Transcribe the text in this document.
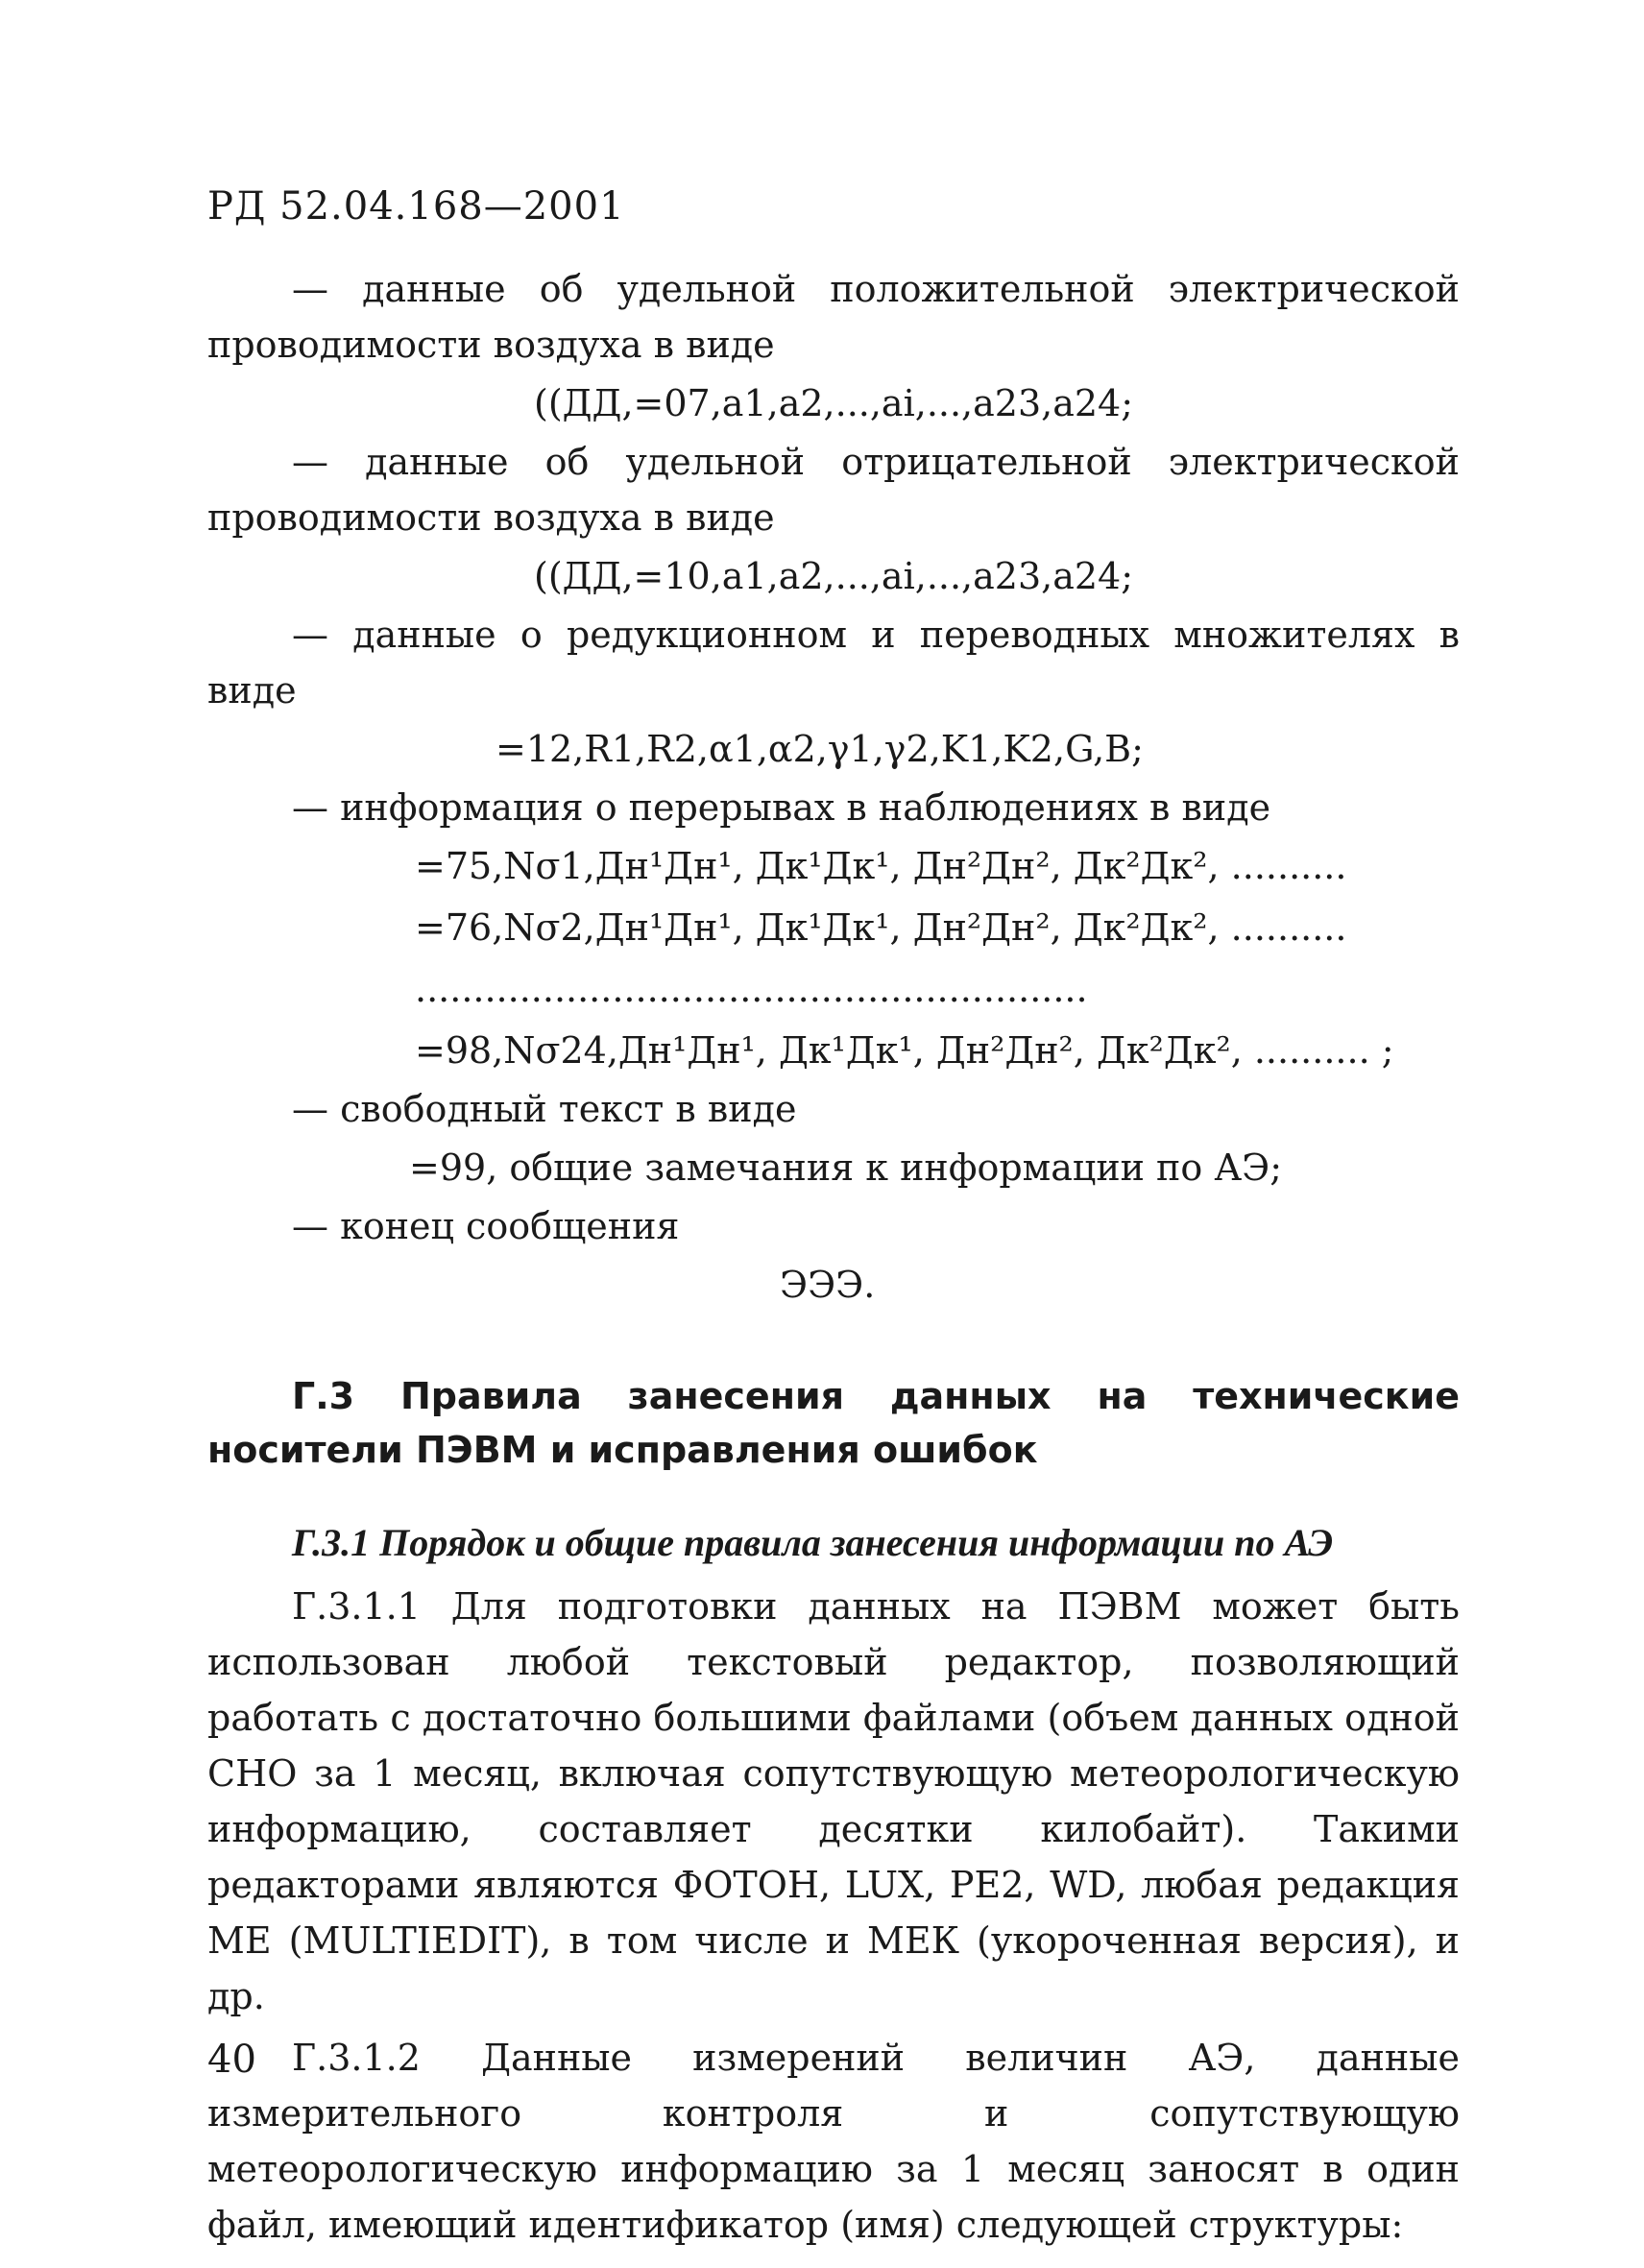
РД 52.04.168—2001

— данные об удельной положительной электрической проводимости воздуха в виде

((ДД,=07,a1,a2,...,ai,...,a23,a24;

— данные об удельной отрицательной электрической проводимости воздуха в виде

((ДД,=10,a1,a2,...,ai,...,a23,a24;

— данные о редукционном и переводных множителях в виде

=12,R1,R2,α1,α2,γ1,γ2,K1,K2,G,B;

— информация о перерывах в наблюдениях в виде

=75,Nσ1,Дн¹Дн¹, Дк¹Дк¹, Дн²Дн², Дк²Дк², ..........

=76,Nσ2,Дн¹Дн¹, Дк¹Дк¹, Дн²Дн², Дк²Дк², ..........

..........................................................

=98,Nσ24,Дн¹Дн¹, Дк¹Дк¹, Дн²Дн², Дк²Дк², .......... ;

— свободный текст в виде

=99, общие замечания к информации по АЭ;

— конец сообщения

ЭЭЭ.

Г.3 Правила занесения данных на технические носители ПЭВМ и исправления ошибок

Г.3.1 Порядок и общие правила занесения информации по АЭ

Г.3.1.1 Для подготовки данных на ПЭВМ может быть использован любой текстовый редактор, позволяющий работать с достаточно большими файлами (объем данных одной СНО за 1 месяц, включая сопутствующую метеорологическую информацию, составляет десятки килобайт). Такими редакторами являются ФОТОН, LUX, PE2, WD, любая редакция ME (MULTIEDIT), в том числе и МЕК (укороченная версия), и др.

Г.3.1.2 Данные измерений величин АЭ, данные измерительного контроля и сопутствующую метеорологическую информацию за 1 месяц заносят в один файл, имеющий идентификатор (имя) следующей структуры:

40
